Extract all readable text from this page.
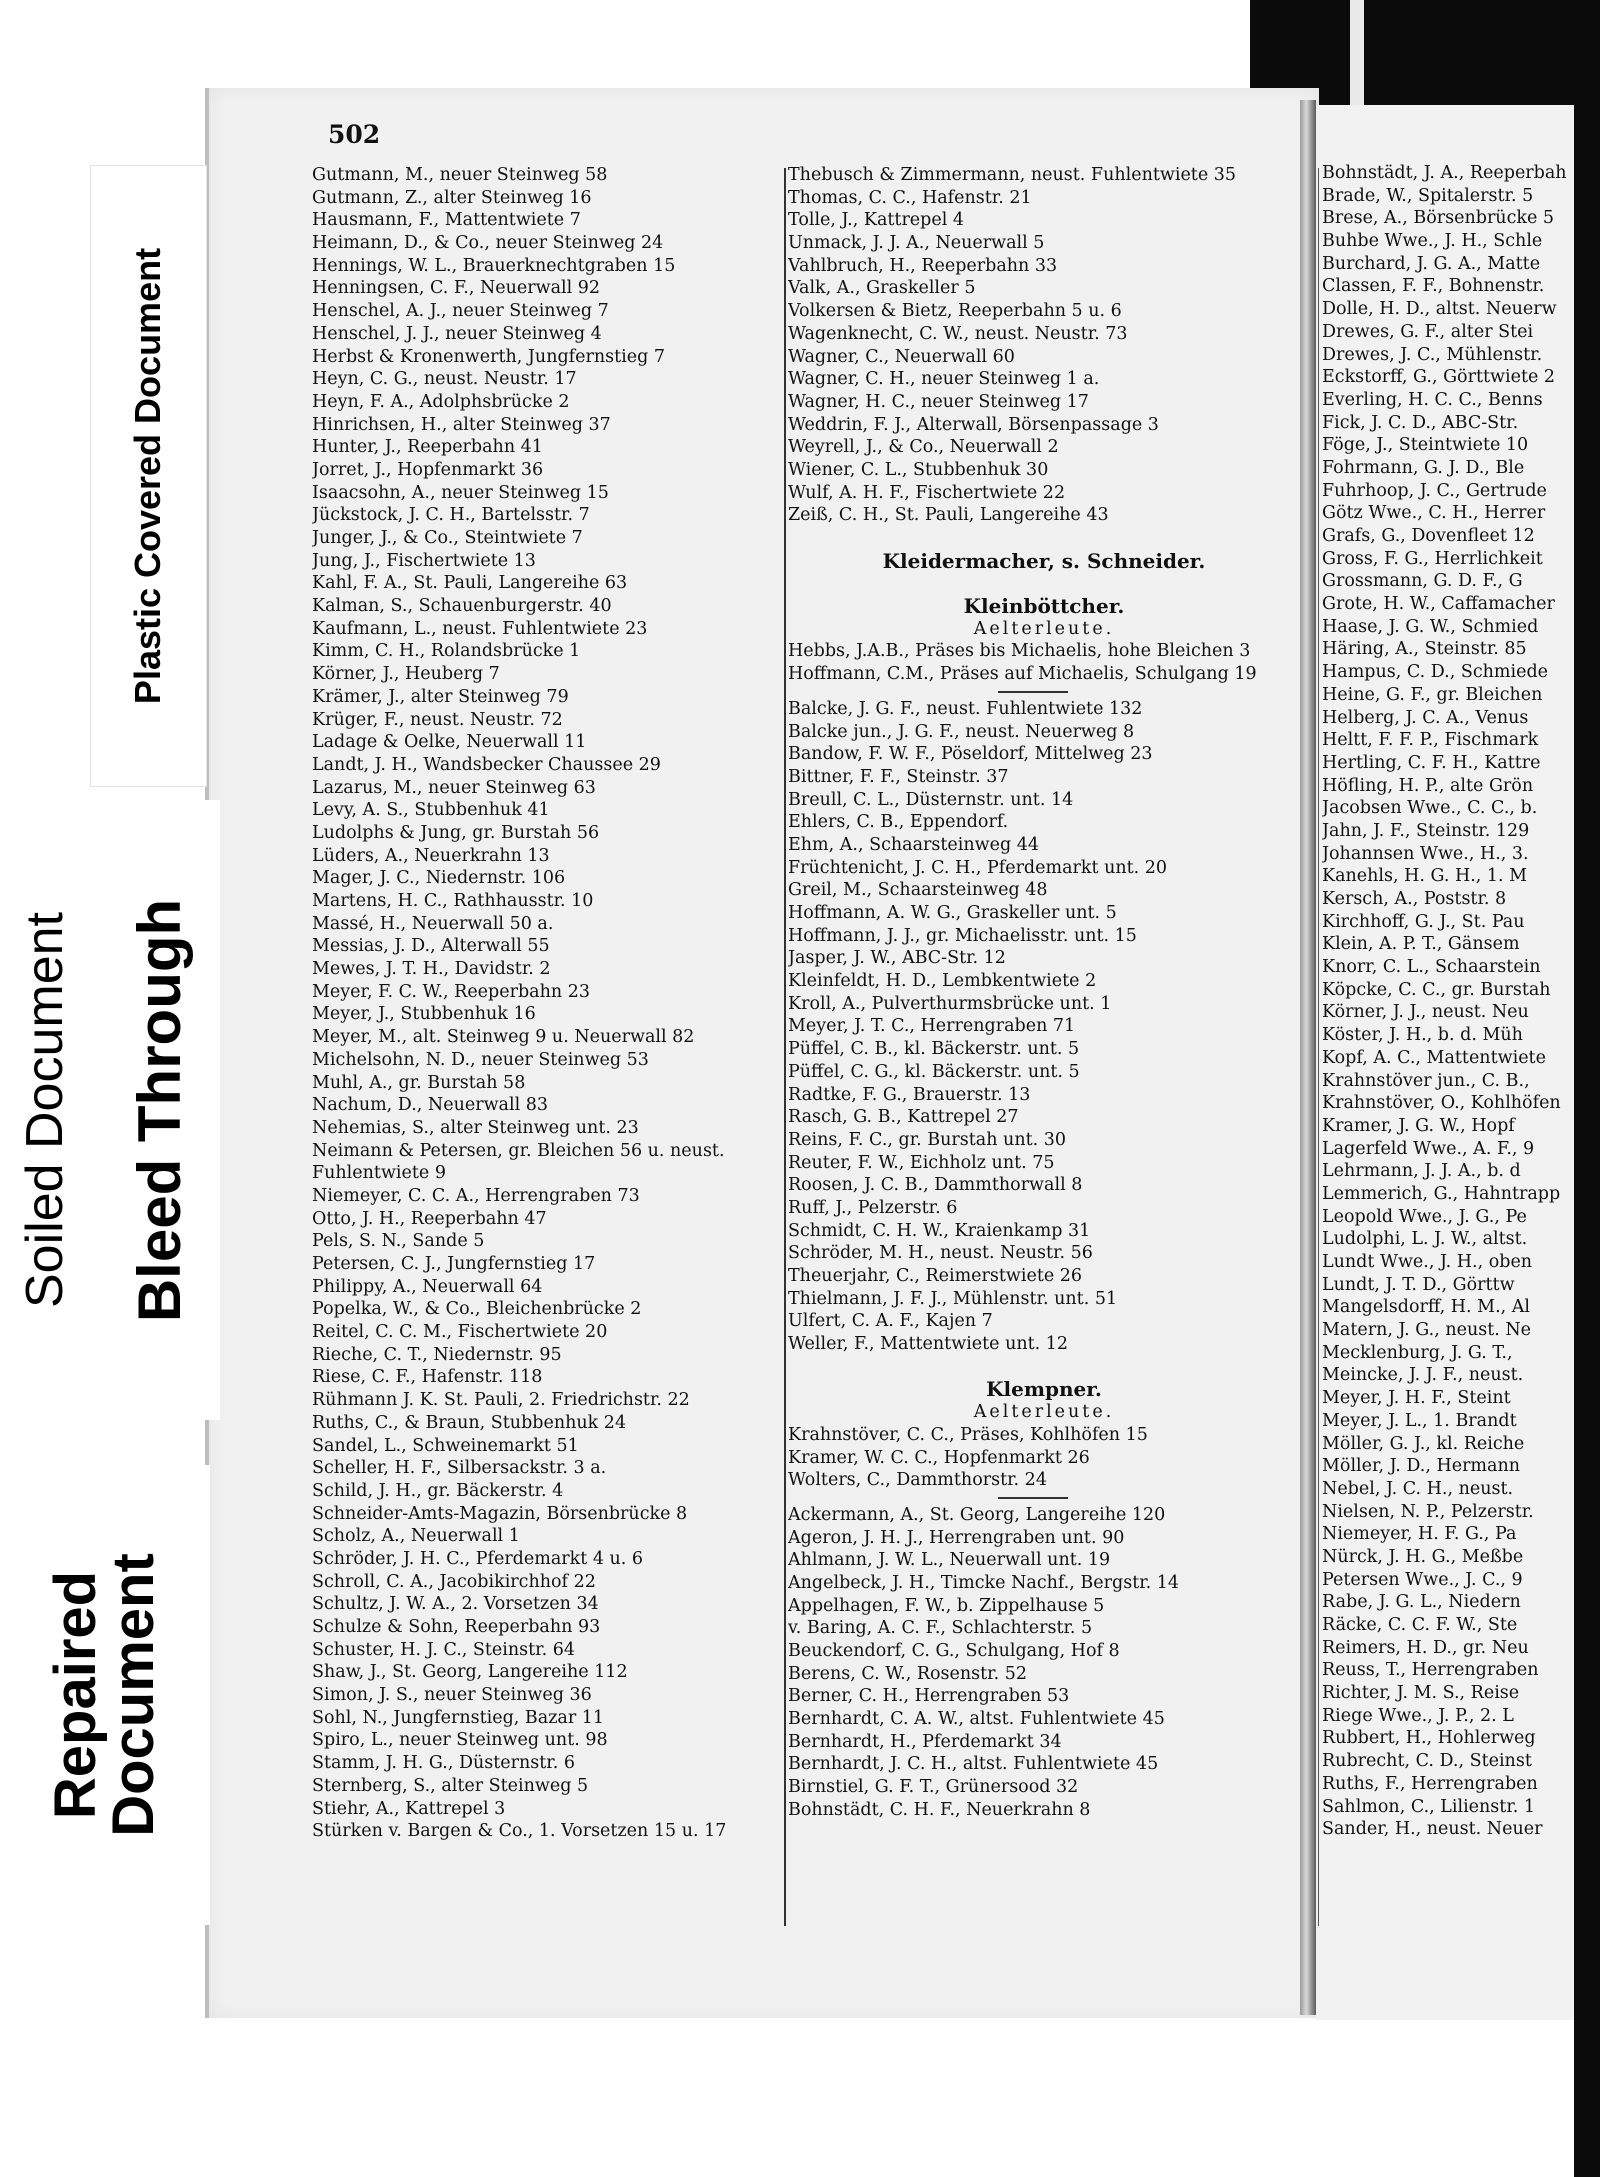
Plastic Covered Document
Soiled Document Bleed Through
Repaired
Document
502
Gutmann, M., neuer Steinweg 58
Gutmann, Z., alter Steinweg 16
Hausmann, F., Mattentwiete 7
Heimann, D., & Co., neuer Steinweg 24
Hennings, W. L., Brauerknechtgraben 15
Henningsen, C. F., Neuerwall 92
Henschel, A. J., neuer Steinweg 7
Henschel, J. J., neuer Steinweg 4
Herbst & Kronenwerth, Jungfernstieg 7
Heyn, C. G., neust. Neustr. 17
Heyn, F. A., Adolphsbrücke 2
Hinrichsen, H., alter Steinweg 37
Hunter, J., Reeperbahn 41
Jorret, J., Hopfenmarkt 36
Isaacsohn, A., neuer Steinweg 15
Jückstock, J. C. H., Bartelsstr. 7
Junger, J., & Co., Steintwiete 7
Jung, J., Fischertwiete 13
Kahl, F. A., St. Pauli, Langereihe 63
Kalman, S., Schauenburgerstr. 40
Kaufmann, L., neust. Fuhlentwiete 23
Kimm, C. H., Rolandsbrücke 1
Körner, J., Heuberg 7
Krämer, J., alter Steinweg 79
Krüger, F., neust. Neustr. 72
Ladage & Oelke, Neuerwall 11
Landt, J. H., Wandsbecker Chaussee 29
Lazarus, M., neuer Steinweg 63
Levy, A. S., Stubbenhuk 41
Ludolphs & Jung, gr. Burstah 56
Lüders, A., Neuerkrahn 13
Mager, J. C., Niedernstr. 106
Martens, H. C., Rathhausstr. 10
Massé, H., Neuerwall 50 a.
Messias, J. D., Alterwall 55
Mewes, J. T. H., Davidstr. 2
Meyer, F. C. W., Reeperbahn 23
Meyer, J., Stubbenhuk 16
Meyer, M., alt. Steinweg 9 u. Neuerwall 82
Michelsohn, N. D., neuer Steinweg 53
Muhl, A., gr. Burstah 58
Nachum, D., Neuerwall 83
Nehemias, S., alter Steinweg unt. 23
Neimann & Petersen, gr. Bleichen 56 u. neust.
Fuhlentwiete 9
Niemeyer, C. C. A., Herrengraben 73
Otto, J. H., Reeperbahn 47
Pels, S. N., Sande 5
Petersen, C. J., Jungfernstieg 17
Philippy, A., Neuerwall 64
Popelka, W., & Co., Bleichenbrücke 2
Reitel, C. C. M., Fischertwiete 20
Rieche, C. T., Niedernstr. 95
Riese, C. F., Hafenstr. 118
Rühmann J. K. St. Pauli, 2. Friedrichstr. 22
Ruths, C., & Braun, Stubbenhuk 24
Sandel, L., Schweinemarkt 51
Scheller, H. F., Silbersackstr. 3 a.
Schild, J. H., gr. Bäckerstr. 4
Schneider-Amts-Magazin, Börsenbrücke 8
Scholz, A., Neuerwall 1
Schröder, J. H. C., Pferdemarkt 4 u. 6
Schroll, C. A., Jacobikirchhof 22
Schultz, J. W. A., 2. Vorsetzen 34
Schulze & Sohn, Reeperbahn 93
Schuster, H. J. C., Steinstr. 64
Shaw, J., St. Georg, Langereihe 112
Simon, J. S., neuer Steinweg 36
Sohl, N., Jungfernstieg, Bazar 11
Spiro, L., neuer Steinweg unt. 98
Stamm, J. H. G., Düsternstr. 6
Sternberg, S., alter Steinweg 5
Stiehr, A., Kattrepel 3
Stürken v. Bargen & Co., 1. Vorsetzen 15 u. 17
Thebusch & Zimmermann, neust. Fuhlentwiete 35
Thomas, C. C., Hafenstr. 21
Tolle, J., Kattrepel 4
Unmack, J. J. A., Neuerwall 5
Vahlbruch, H., Reeperbahn 33
Valk, A., Graskeller 5
Volkersen & Bietz, Reeperbahn 5 u. 6
Wagenknecht, C. W., neust. Neustr. 73
Wagner, C., Neuerwall 60
Wagner, C. H., neuer Steinweg 1 a.
Wagner, H. C., neuer Steinweg 17
Weddrin, F. J., Alterwall, Börsenpassage 3
Weyrell, J., & Co., Neuerwall 2
Wiener, C. L., Stubbenhuk 30
Wulf, A. H. F., Fischertwiete 22
Zeiß, C. H., St. Pauli, Langereihe 43
Kleidermacher, s. Schneider.
Kleinböttcher.
Aelterleute.
Hebbs, J.A.B., Präses bis Michaelis, hohe Bleichen 3
Hoffmann, C.M., Präses auf Michaelis, Schulgang 19
Balcke, J. G. F., neust. Fuhlentwiete 132
Balcke jun., J. G. F., neust. Neuerweg 8
Bandow, F. W. F., Pöseldorf, Mittelweg 23
Bittner, F. F., Steinstr. 37
Breull, C. L., Düsternstr. unt. 14
Ehlers, C. B., Eppendorf.
Ehm, A., Schaarsteinweg 44
Früchtenicht, J. C. H., Pferdemarkt unt. 20
Greil, M., Schaarsteinweg 48
Hoffmann, A. W. G., Graskeller unt. 5
Hoffmann, J. J., gr. Michaelisstr. unt. 15
Jasper, J. W., ABC-Str. 12
Kleinfeldt, H. D., Lembkentwiete 2
Kroll, A., Pulverthurmsbrücke unt. 1
Meyer, J. T. C., Herrengraben 71
Püffel, C. B., kl. Bäckerstr. unt. 5
Püffel, C. G., kl. Bäckerstr. unt. 5
Radtke, F. G., Brauerstr. 13
Rasch, G. B., Kattrepel 27
Reins, F. C., gr. Burstah unt. 30
Reuter, F. W., Eichholz unt. 75
Roosen, J. C. B., Dammthorwall 8
Ruff, J., Pelzerstr. 6
Schmidt, C. H. W., Kraienkamp 31
Schröder, M. H., neust. Neustr. 56
Theuerjahr, C., Reimerstwiete 26
Thielmann, J. F. J., Mühlenstr. unt. 51
Ulfert, C. A. F., Kajen 7
Weller, F., Mattentwiete unt. 12
Klempner.
Aelterleute.
Krahnstöver, C. C., Präses, Kohlhöfen 15
Kramer, W. C. C., Hopfenmarkt 26
Wolters, C., Dammthorstr. 24
Ackermann, A., St. Georg, Langereihe 120
Ageron, J. H. J., Herrengraben unt. 90
Ahlmann, J. W. L., Neuerwall unt. 19
Angelbeck, J. H., Timcke Nachf., Bergstr. 14
Appelhagen, F. W., b. Zippelhause 5
v. Baring, A. C. F., Schlachterstr. 5
Beuckendorf, C. G., Schulgang, Hof 8
Berens, C. W., Rosenstr. 52
Berner, C. H., Herrengraben 53
Bernhardt, C. A. W., altst. Fuhlentwiete 45
Bernhardt, H., Pferdemarkt 34
Bernhardt, J. C. H., altst. Fuhlentwiete 45
Birnstiel, G. F. T., Grünersood 32
Bohnstädt, C. H. F., Neuerkrahn 8
Bohnstädt, J. A., Reeperbah
Brade, W., Spitalerstr. 5
Brese, A., Börsenbrücke 5
Buhbe Wwe., J. H., Schle
Burchard, J. G. A., Matte
Classen, F. F., Bohnenstr.
Dolle, H. D., altst. Neuerw
Drewes, G. F., alter Stei
Drewes, J. C., Mühlenstr.
Eckstorff, G., Görttwiete 2
Everling, H. C. C., Benns
Fick, J. C. D., ABC-Str.
Föge, J., Steintwiete 10
Fohrmann, G. J. D., Ble
Fuhrhoop, J. C., Gertrude
Götz Wwe., C. H., Herrer
Grafs, G., Dovenfleet 12
Gross, F. G., Herrlichkeit
Grossmann, G. D. F., G
Grote, H. W., Caffamacher
Haase, J. G. W., Schmied
Häring, A., Steinstr. 85
Hampus, C. D., Schmiede
Heine, G. F., gr. Bleichen
Helberg, J. C. A., Venus
Heltt, F. F. P., Fischmark
Hertling, C. F. H., Kattre
Höfling, H. P., alte Grön
Jacobsen Wwe., C. C., b.
Jahn, J. F., Steinstr. 129
Johannsen Wwe., H., 3.
Kanehls, H. G. H., 1. M
Kersch, A., Poststr. 8
Kirchhoff, G. J., St. Pau
Klein, A. P. T., Gänsem
Knorr, C. L., Schaarstein
Köpcke, C. C., gr. Burstah
Körner, J. J., neust. Neu
Köster, J. H., b. d. Müh
Kopf, A. C., Mattentwiete
Krahnstöver jun., C. B.,
Krahnstöver, O., Kohlhöfen
Kramer, J. G. W., Hopf
Lagerfeld Wwe., A. F., 9
Lehrmann, J. J. A., b. d
Lemmerich, G., Hahntrapp
Leopold Wwe., J. G., Pe
Ludolphi, L. J. W., altst.
Lundt Wwe., J. H., oben
Lundt, J. T. D., Görttw
Mangelsdorff, H. M., Al
Matern, J. G., neust. Ne
Mecklenburg, J. G. T.,
Meincke, J. J. F., neust.
Meyer, J. H. F., Steint
Meyer, J. L., 1. Brandt
Möller, G. J., kl. Reiche
Möller, J. D., Hermann
Nebel, J. C. H., neust.
Nielsen, N. P., Pelzerstr.
Niemeyer, H. F. G., Pa
Nürck, J. H. G., Meßbe
Petersen Wwe., J. C., 9
Rabe, J. G. L., Niedern
Räcke, C. C. F. W., Ste
Reimers, H. D., gr. Neu
Reuss, T., Herrengraben
Richter, J. M. S., Reise
Riege Wwe., J. P., 2. L
Rubbert, H., Hohlerweg
Rubrecht, C. D., Steinst
Ruths, F., Herrengraben
Sahlmon, C., Lilienstr. 1
Sander, H., neust. Neuer
